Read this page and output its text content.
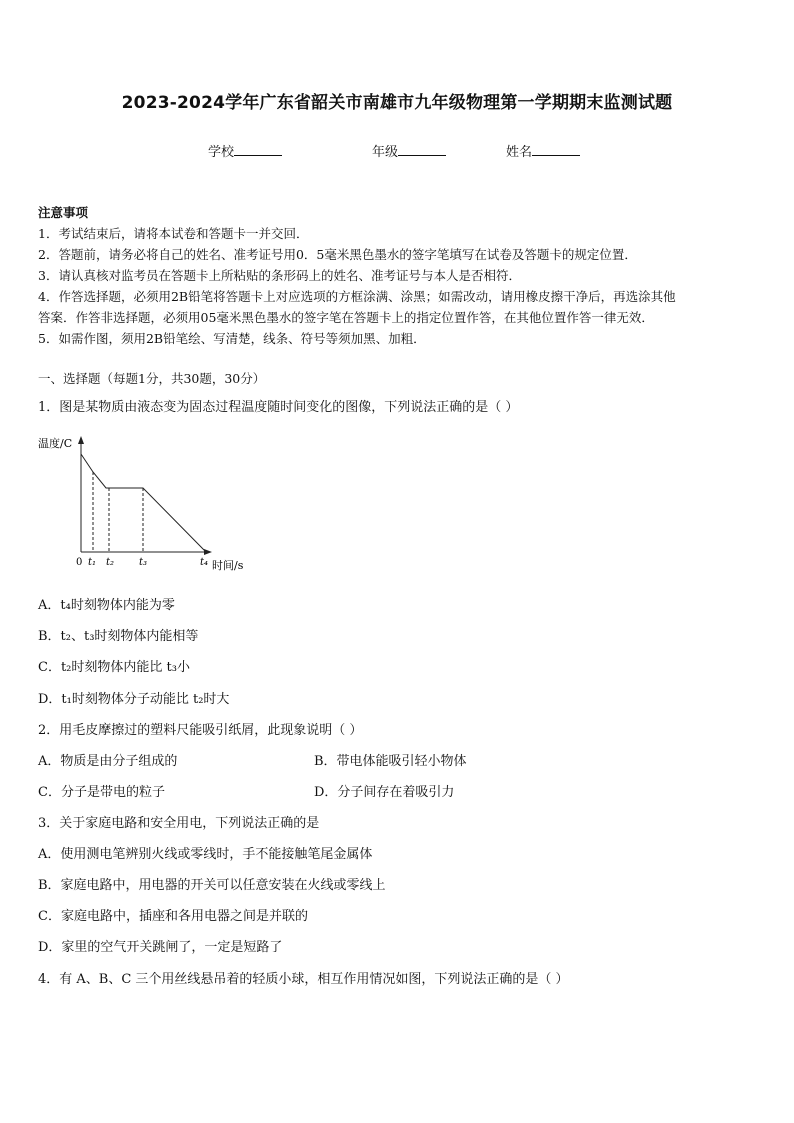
2023-2024学年广东省韶关市南雄市九年级物理第一学期期末监测试题
学校	年级	姓名
注意事项
1．考试结束后，请将本试卷和答题卡一并交回．
2．答题前，请务必将自己的姓名、准考证号用0．5毫米黑色墨水的签字笔填写在试卷及答题卡的规定位置．
3．请认真核对监考员在答题卡上所粘贴的条形码上的姓名、准考证号与本人是否相符．
4．作答选择题，必须用2B铅笔将答题卡上对应选项的方框涂满、涂黑；如需改动，请用橡皮擦干净后，再选涂其他
答案．作答非选择题，必须用05毫米黑色墨水的签字笔在答题卡上的指定位置作答，在其他位置作答一律无效．
5．如需作图，须用2B铅笔绘、写清楚，线条、符号等须加黑、加粗．
一、选择题（每题1分，共30题，30分）
1．图是某物质由液态变为固态过程温度随时间变化的图像，下列说法正确的是（ ）
温度/C
0 t₁ t₂ t₃	t₄ 时间/s
A．t₄时刻物体内能为零
B．t₂、t₃时刻物体内能相等
C．t₂时刻物体内能比 t₃小
D．t₁时刻物体分子动能比 t₂时大
2．用毛皮摩擦过的塑料尺能吸引纸屑，此现象说明（ ）
A．物质是由分子组成的	B．带电体能吸引轻小物体
C．分子是带电的粒子	D．分子间存在着吸引力
3．关于家庭电路和安全用电，下列说法正确的是
A．使用测电笔辨别火线或零线时，手不能接触笔尾金属体
B．家庭电路中，用电器的开关可以任意安装在火线或零线上
C．家庭电路中，插座和各用电器之间是并联的
D．家里的空气开关跳闸了，一定是短路了
4．有 A、B、C 三个用丝线悬吊着的轻质小球，相互作用情况如图，下列说法正确的是（ ）
